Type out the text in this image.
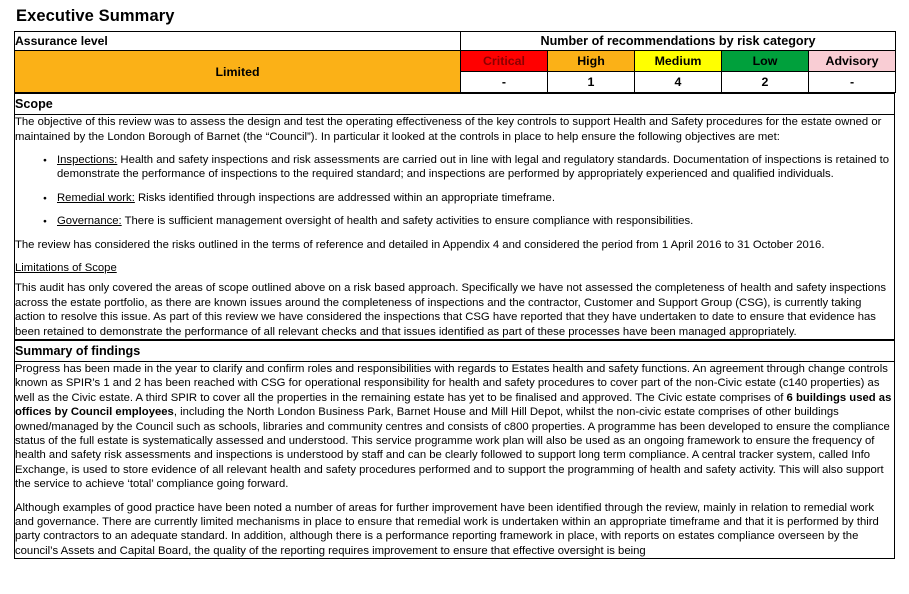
Executive Summary
Assurance level	Number of recommendations by risk category				
Limited	Critical	High	Medium	Low	Advisory
	-	1	4	2	-
Scope

The objective of this review was to assess the design and test the operating effectiveness of the key controls to support Health and Safety procedures for the estate owned or maintained by the London Borough of Barnet (the “Council”). In particular it looked at the controls in place to help ensure the following objectives are met:

● Inspections: Health and safety inspections and risk assessments are carried out in line with legal and regulatory standards. Documentation of inspections is retained to demonstrate the performance of inspections to the required standard; and inspections are performed by appropriately experienced and qualified individuals.
● Remedial work: Risks identified through inspections are addressed within an appropriate timeframe.
● Governance: There is sufficient management oversight of health and safety activities to ensure compliance with responsibilities.

The review has considered the risks outlined in the terms of reference and detailed in Appendix 4 and considered the period from 1 April 2016 to 31 October 2016.

Limitations of Scope

This audit has only covered the areas of scope outlined above on a risk based approach. Specifically we have not assessed the completeness of health and safety inspections across the estate portfolio, as there are known issues around the completeness of inspections and the contractor, Customer and Support Group (CSG), is currently taking action to resolve this issue. As part of this review we have considered the inspections that CSG have reported that they have undertaken to date to ensure that evidence has been retained to demonstrate the performance of all relevant checks and that issues identified as part of these processes have been managed appropriately.

Summary of findings

Progress has been made in the year to clarify and confirm roles and responsibilities with regards to Estates health and safety functions. An agreement through change controls known as SPIR’s 1 and 2 has been reached with CSG for operational responsibility for health and safety procedures to cover part of the non-Civic estate (c140 properties) as well as the Civic estate. A third SPIR to cover all the properties in the remaining estate has yet to be finalised and approved. The Civic estate comprises of 6 buildings used as offices by Council employees, including the North London Business Park, Barnet House and Mill Hill Depot, whilst the non-civic estate comprises of other buildings owned/managed by the Council such as schools, libraries and community centres and consists of c800 properties. A programme has been developed to ensure the compliance status of the full estate is systematically assessed and understood. This service programme work plan will also be used as an ongoing framework to ensure the frequency of health and safety risk assessments and inspections is understood by staff and can be clearly followed to support long term compliance. A central tracker system, called Info Exchange, is used to store evidence of all relevant health and safety procedures performed and to support the programming of health and safety activity. This will also support the service to achieve ‘total’ compliance going forward.

Although examples of good practice have been noted a number of areas for further improvement have been identified through the review, mainly in relation to remedial work and governance. There are currently limited mechanisms in place to ensure that remedial work is undertaken within an appropriate timeframe and that it is performed by third party contractors to an adequate standard. In addition, although there is a performance reporting framework in place, with reports on estates compliance overseen by the council’s Assets and Capital Board, the quality of the reporting requires improvement to ensure that effective oversight is being
